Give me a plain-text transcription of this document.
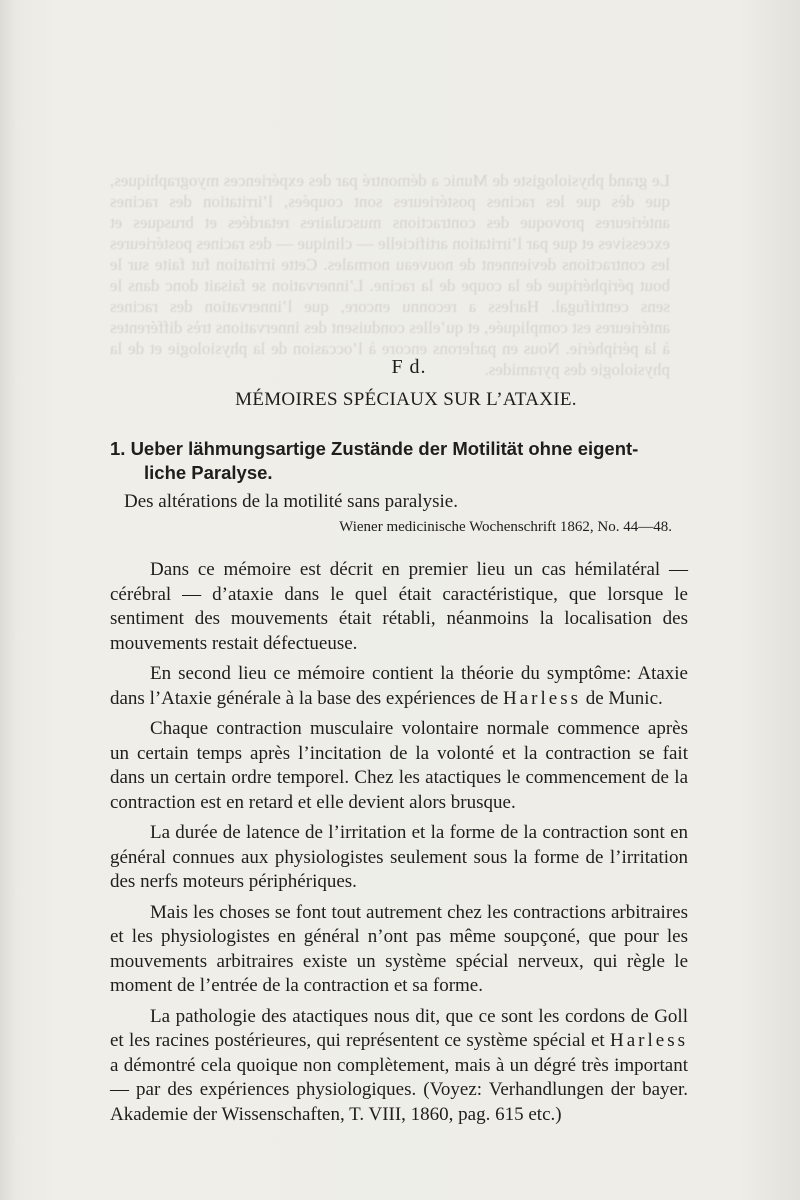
Le grand physiologiste de Munic a démontré par des expériences myographiques, que dès que les racines postérieures sont coupées, l’irritation des racines antérieures provoque des contractions musculaires retardées et brusques et excessives et que par l’irritation artificielle — clinique — des racines postérieures les contractions deviennent de nouveau normales. Cette irritation fut faite sur le bout périphérique de la coupe de la racine. L’innervation se faisait donc dans le sens centrifugal. Harless a reconnu encore, que l’innervation des racines antérieures est compliquée, et qu’elles conduisent des innervations très différentes à la périphérie. Nous en parlerons encore à l’occasion de la physiologie et de la physiologie des pyramides.
F d.
MÉMOIRES SPÉCIAUX SUR L’ATAXIE.
1. Ueber lähmungsartige Zustände der Motilität ohne eigent-
liche Paralyse.
Des altérations de la motilité sans paralysie.
Wiener medicinische Wochenschrift 1862, No. 44—48.

Dans ce mémoire est décrit en premier lieu un cas hémilatéral — cérébral — d’ataxie dans le quel était caractéristique, que lorsque le sentiment des mouvements était rétabli, néanmoins la localisation des mouvements restait défectueuse.

En second lieu ce mémoire contient la théorie du symptôme: Ataxie dans l’Ataxie générale à la base des expériences de Harless de Munic.

Chaque contraction musculaire volontaire normale commence après un certain temps après l’incitation de la volonté et la contraction se fait dans un certain ordre temporel. Chez les atactiques le commencement de la contraction est en retard et elle devient alors brusque.

La durée de latence de l’irritation et la forme de la contraction sont en général connues aux physiologistes seulement sous la forme de l’irritation des nerfs moteurs périphériques.

Mais les choses se font tout autrement chez les contractions arbitraires et les physiologistes en général n’ont pas même soupçoné, que pour les mouvements arbitraires existe un système spécial nerveux, qui règle le moment de l’entrée de la contraction et sa forme.

La pathologie des atactiques nous dit, que ce sont les cordons de Goll et les racines postérieures, qui représentent ce système spécial et Harless a démontré cela quoique non complètement, mais à un dégré très important — par des expériences physiologiques. (Voyez: Verhandlungen der bayer. Akademie der Wissenschaften, T. VIII, 1860, pag. 615 etc.)
